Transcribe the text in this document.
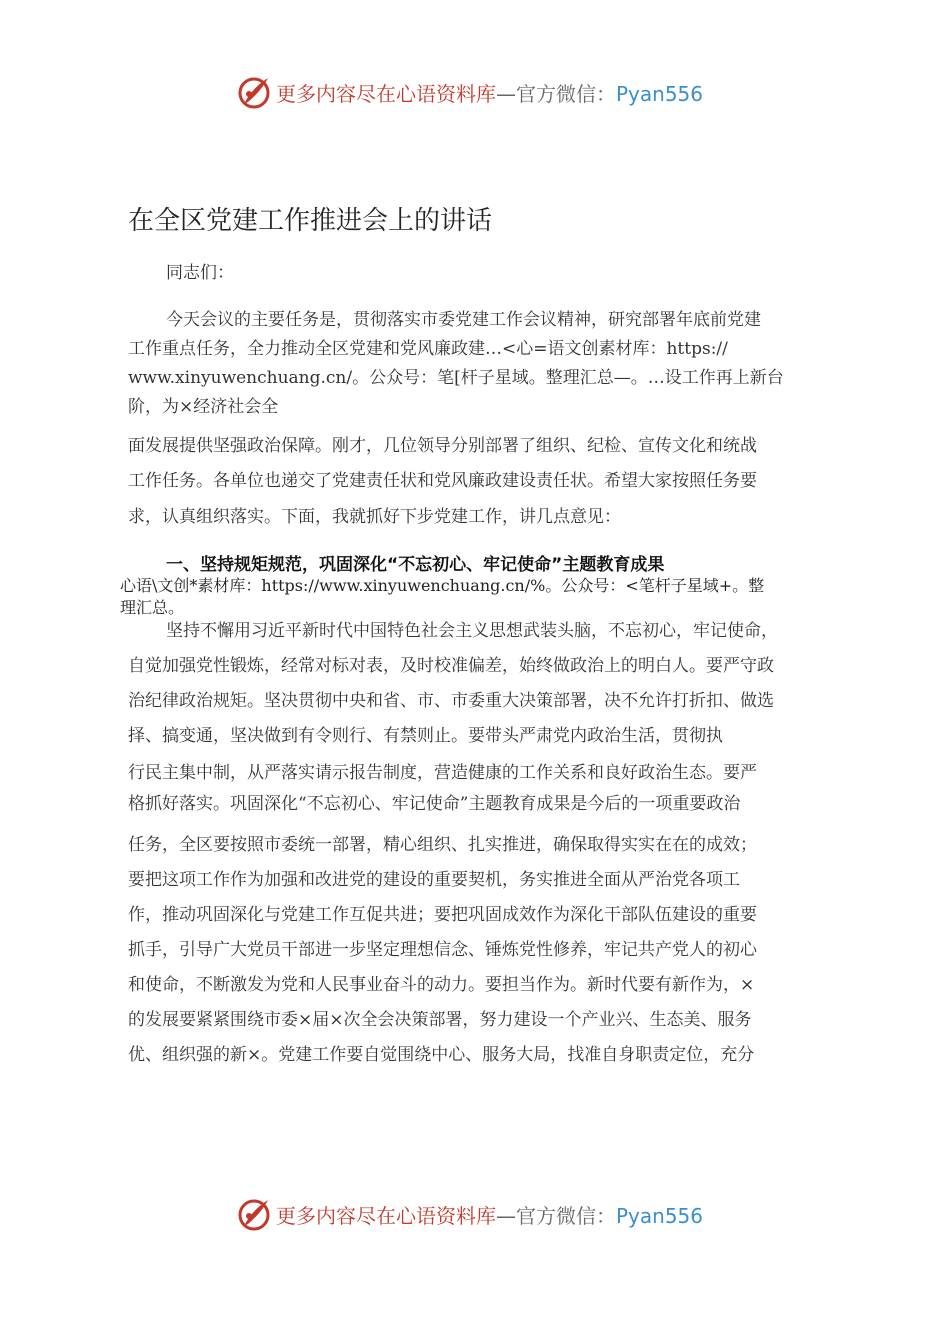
更多内容尽在心语资料库—官方微信：Pyan556
在全区党建工作推进会上的讲话
同志们：
今天会议的主要任务是，贯彻落实市委党建工作会议精神，研究部署年底前党建
工作重点任务，全力推动全区党建和党风廉政建…<心=语文创素材库：https://
www.xinyuwenchuang.cn/。公众号：笔[杆子星域。整理汇总—。…设工作再上新台
阶，为×经济社会全
面发展提供坚强政治保障。刚才，几位领导分别部署了组织、纪检、宣传文化和统战
工作任务。各单位也递交了党建责任状和党风廉政建设责任状。希望大家按照任务要
求，认真组织落实。下面，我就抓好下步党建工作，讲几点意见：
一、坚持规矩规范，巩固深化“不忘初心、牢记使命”主题教育成果
心语\文创*素材库：https://www.xinyuwenchuang.cn/%。公众号：<笔杆子星域+。整
理汇总。
坚持不懈用习近平新时代中国特色社会主义思想武装头脑，不忘初心，牢记使命，
自觉加强党性锻炼，经常对标对表，及时校准偏差，始终做政治上的明白人。要严守政
治纪律政治规矩。坚决贯彻中央和省、市、市委重大决策部署，决不允许打折扣、做选
择、搞变通，坚决做到有令则行、有禁则止。要带头严肃党内政治生活，贯彻执
行民主集中制，从严落实请示报告制度，营造健康的工作关系和良好政治生态。要严
格抓好落实。巩固深化“不忘初心、牢记使命”主题教育成果是今后的一项重要政治
任务，全区要按照市委统一部署，精心组织、扎实推进，确保取得实实在在的成效；
要把这项工作作为加强和改进党的建设的重要契机，务实推进全面从严治党各项工
作，推动巩固深化与党建工作互促共进；要把巩固成效作为深化干部队伍建设的重要
抓手，引导广大党员干部进一步坚定理想信念、锤炼党性修养，牢记共产党人的初心
和使命，不断激发为党和人民事业奋斗的动力。要担当作为。新时代要有新作为，×
的发展要紧紧围绕市委×届×次全会决策部署，努力建设一个产业兴、生态美、服务
优、组织强的新×。党建工作要自觉围绕中心、服务大局，找准自身职责定位，充分
更多内容尽在心语资料库—官方微信：Pyan556
